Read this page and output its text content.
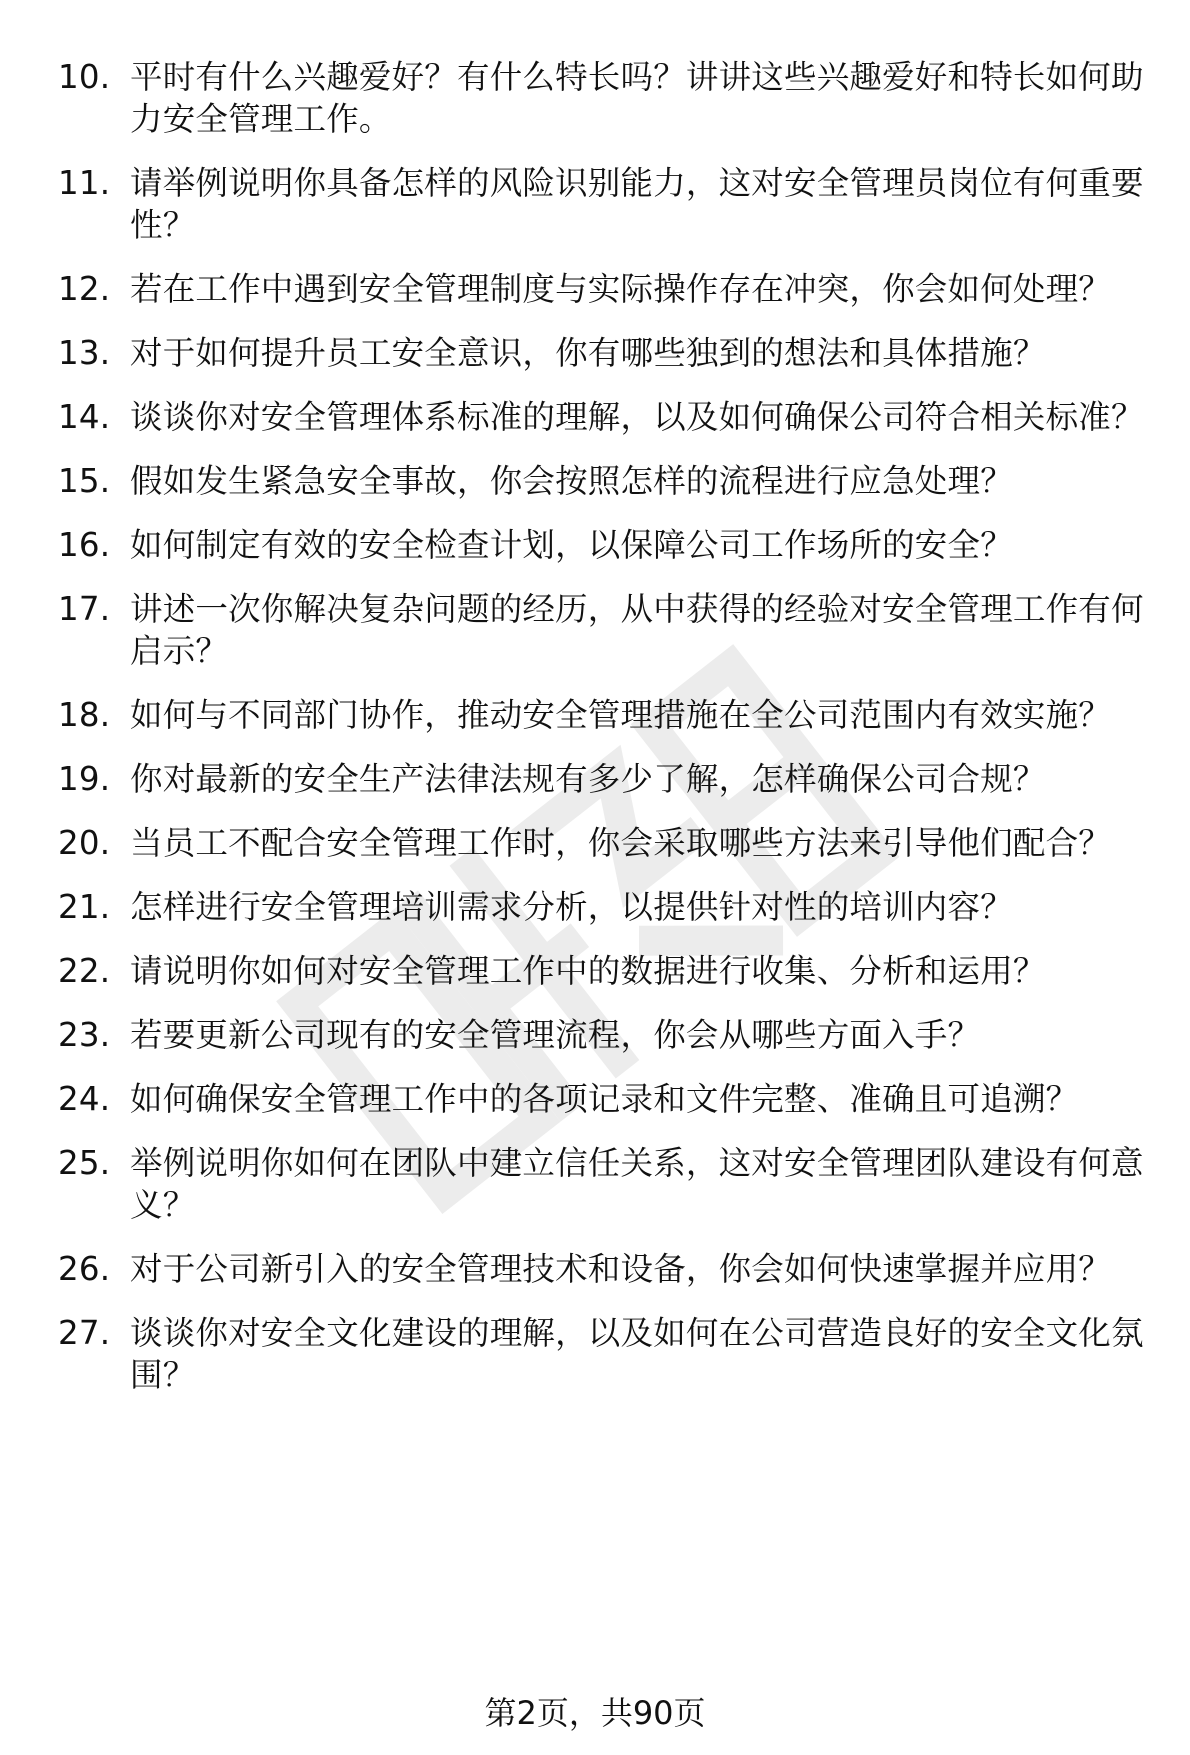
10. 平时有什么兴趣爱好？有什么特长吗？讲讲这些兴趣爱好和特长如何助力安全管理工作。
11. 请举例说明你具备怎样的风险识别能力，这对安全管理员岗位有何重要性？
12. 若在工作中遇到安全管理制度与实际操作存在冲突，你会如何处理？
13. 对于如何提升员工安全意识，你有哪些独到的想法和具体措施？
14. 谈谈你对安全管理体系标准的理解，以及如何确保公司符合相关标准？
15. 假如发生紧急安全事故，你会按照怎样的流程进行应急处理？
16. 如何制定有效的安全检查计划，以保障公司工作场所的安全？
17. 讲述一次你解决复杂问题的经历，从中获得的经验对安全管理工作有何启示？
18. 如何与不同部门协作，推动安全管理措施在全公司范围内有效实施？
19. 你对最新的安全生产法律法规有多少了解，怎样确保公司合规？
20. 当员工不配合安全管理工作时，你会采取哪些方法来引导他们配合？
21. 怎样进行安全管理培训需求分析，以提供针对性的培训内容？
22. 请说明你如何对安全管理工作中的数据进行收集、分析和运用？
23. 若要更新公司现有的安全管理流程，你会从哪些方面入手？
24. 如何确保安全管理工作中的各项记录和文件完整、准确且可追溯？
25. 举例说明你如何在团队中建立信任关系，这对安全管理团队建设有何意义？
26. 对于公司新引入的安全管理技术和设备，你会如何快速掌握并应用？
27. 谈谈你对安全文化建设的理解，以及如何在公司营造良好的安全文化氛围？
第2页，共90页
